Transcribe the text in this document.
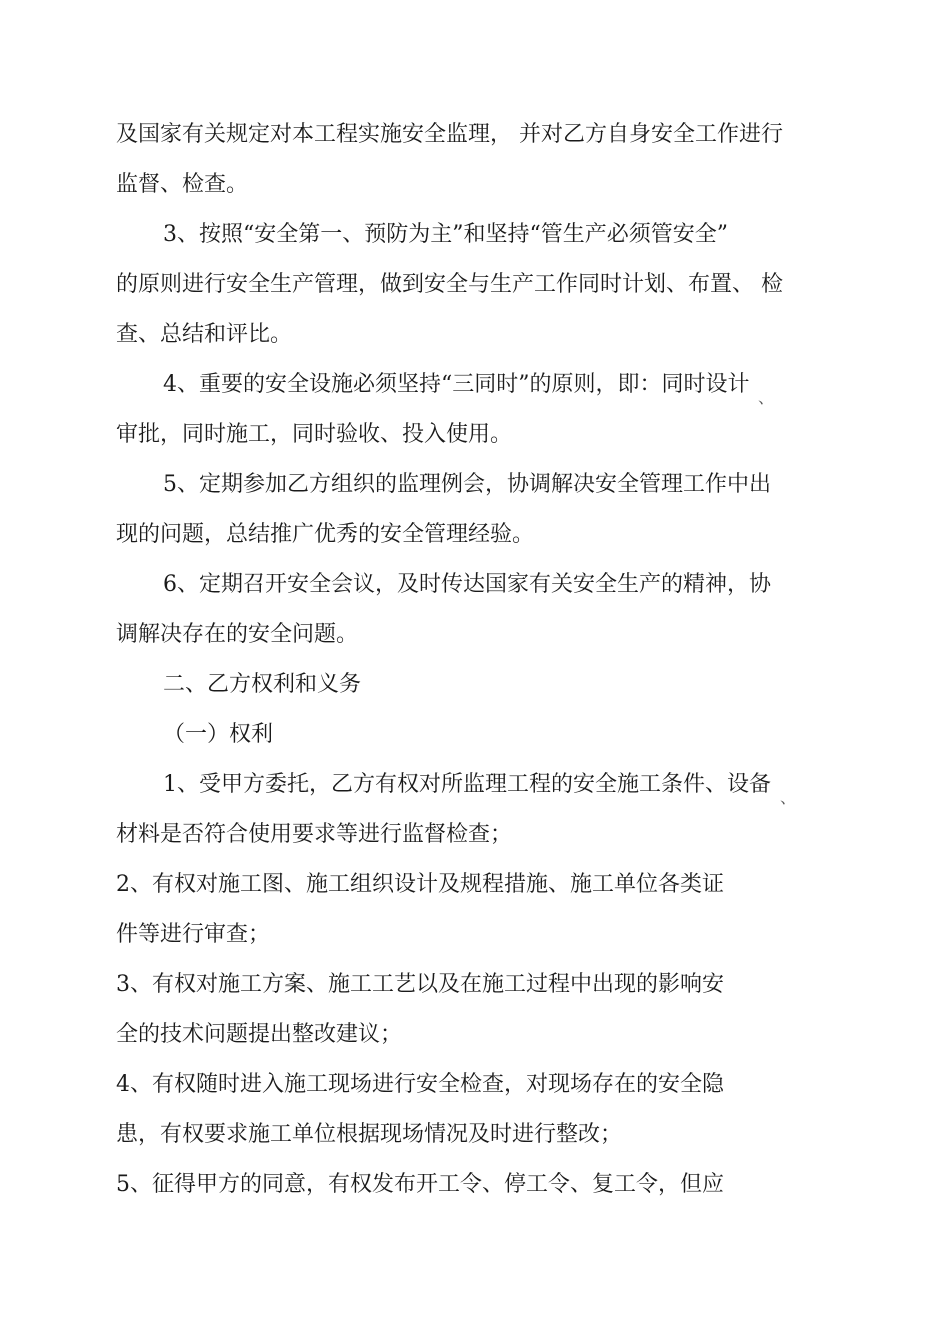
及国家有关规定对本工程实施安全监理， 并对乙方自身安全工作进行

监督、检查。

3、按照“安全第一、预防为主”和坚持“管生产必须管安全”

的原则进行安全生产管理，做到安全与生产工作同时计划、布置、 检

查、总结和评比。

4、重要的安全设施必须坚持“三同时”的原则，即：同时设计

、

审批，同时施工，同时验收、投入使用。

5、定期参加乙方组织的监理例会，协调解决安全管理工作中出

现的问题，总结推广优秀的安全管理经验。

6、定期召开安全会议，及时传达国家有关安全生产的精神，协

调解决存在的安全问题。

二、乙方权利和义务

（一）权利

1、受甲方委托，乙方有权对所监理工程的安全施工条件、设备

、

材料是否符合使用要求等进行监督检查；

2、有权对施工图、施工组织设计及规程措施、施工单位各类证

件等进行审查；

3、有权对施工方案、施工工艺以及在施工过程中出现的影响安

全的技术问题提出整改建议；

4、有权随时进入施工现场进行安全检查，对现场存在的安全隐

患，有权要求施工单位根据现场情况及时进行整改；

5、征得甲方的同意，有权发布开工令、停工令、复工令，但应
